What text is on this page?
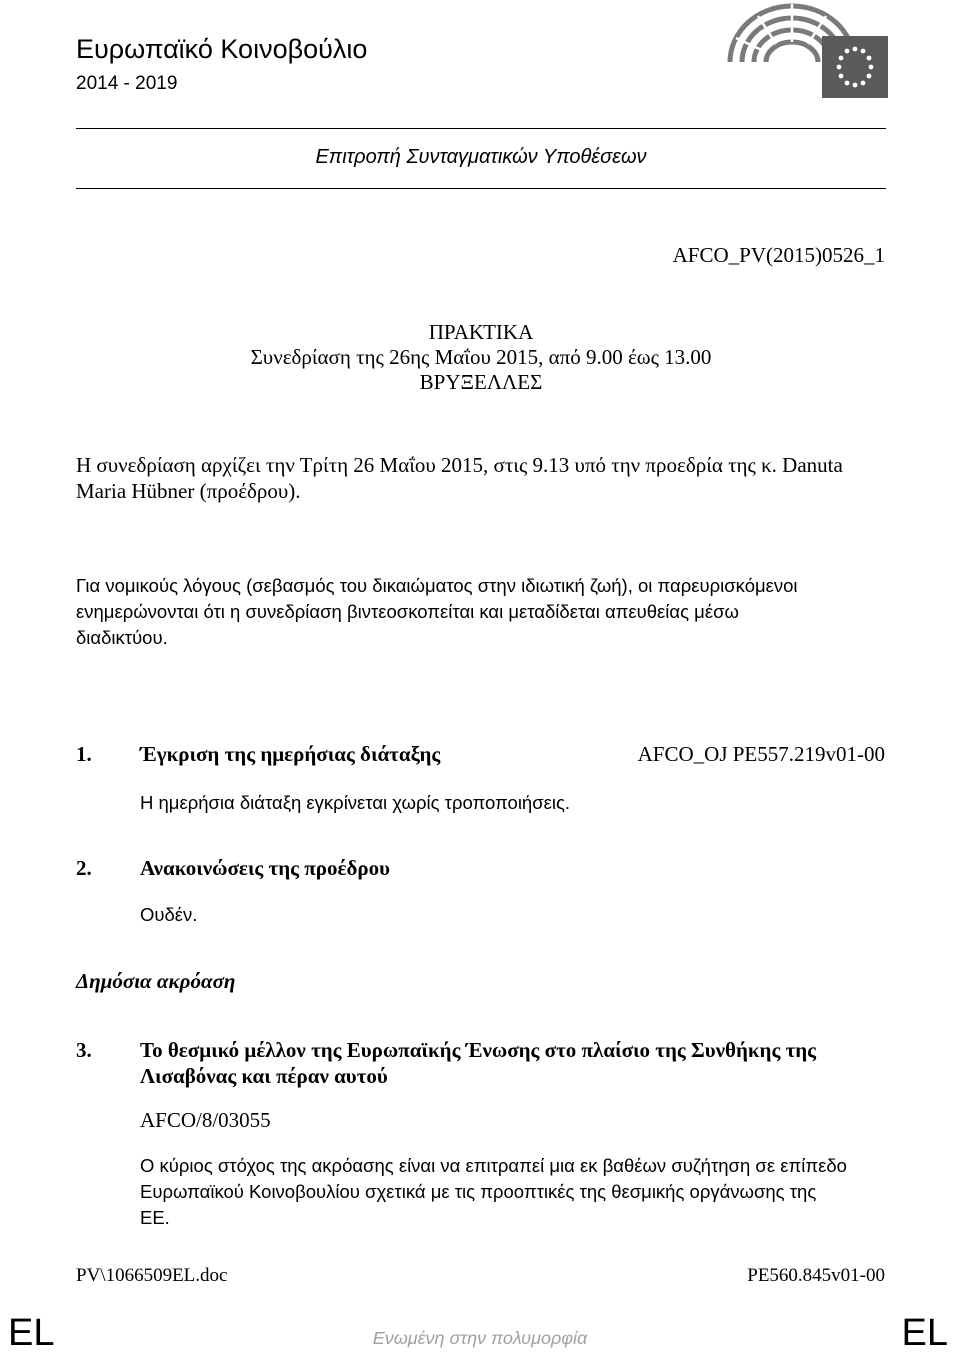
Ευρωπαϊκό Κοινοβούλιο
2014 - 2019
Επιτροπή Συνταγματικών Υποθέσεων
AFCO_PV(2015)0526_1
ΠΡΑΚΤΙΚΑ
Συνεδρίαση της 26ης Μαΐου 2015, από 9.00 έως 13.00
ΒΡΥΞΕΛΛΕΣ
Η συνεδρίαση αρχίζει την Τρίτη 26 Μαΐου 2015, στις 9.13 υπό την προεδρία της κ. Danuta
Maria Hübner (προέδρου).
Για νομικούς λόγους (σεβασμός του δικαιώματος στην ιδιωτική ζωή), οι παρευρισκόμενοι
ενημερώνονται ότι η συνεδρίαση βιντεοσκοπείται και μεταδίδεται απευθείας μέσω
διαδικτύου.
1. Έγκριση της ημερήσιας διάταξης	AFCO_OJ PE557.219v01-00
Η ημερήσια διάταξη εγκρίνεται χωρίς τροποποιήσεις.
2. Ανακοινώσεις της προέδρου
Ουδέν.
Δημόσια ακρόαση
3. Το θεσμικό μέλλον της Ευρωπαϊκής Ένωσης στο πλαίσιο της Συνθήκης της
Λισαβόνας και πέραν αυτού
AFCO/8/03055
Ο κύριος στόχος της ακρόασης είναι να επιτραπεί μια εκ βαθέων συζήτηση σε επίπεδο
Ευρωπαϊκού Κοινοβουλίου σχετικά με τις προοπτικές της θεσμικής οργάνωσης της
ΕΕ.
PV\1066509EL.doc	PE560.845v01-00
EL	Ενωμένη στην πολυμορφία	EL
